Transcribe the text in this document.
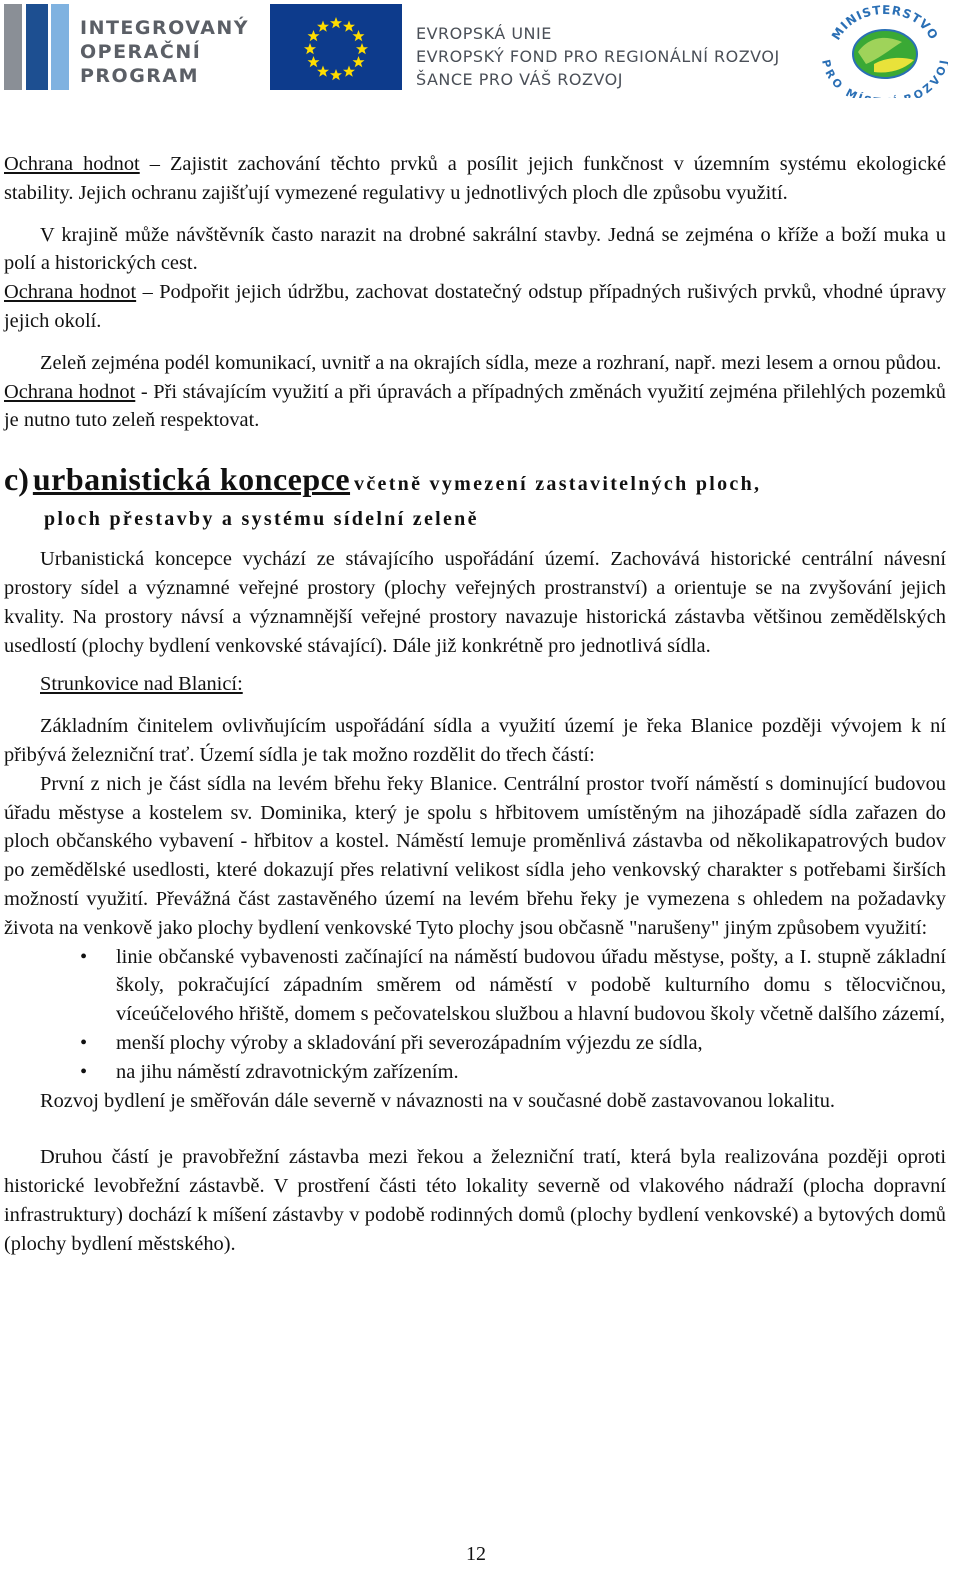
INTEGROVANÝ
OPERAČNÍ
PROGRAM
EVROPSKÁ UNIE
EVROPSKÝ FOND PRO REGIONÁLNÍ ROZVOJ
ŠANCE PRO VÁŠ ROZVOJ
MINISTERSTVO
RO M OZVO

Ochrana hodnot – Zajistit zachování těchto prvků a posílit jejich funkčnost v územním systému ekologické stability. Jejich ochranu zajišťují vymezené regulativy u jednotlivých ploch dle způsobu využití.

V krajině může návštěvník často narazit na drobné sakrální stavby. Jedná se zejména o kříže a boží muka u polí a historických cest.

Ochrana hodnot – Podpořit jejich údržbu, zachovat dostatečný odstup případných rušivých prvků, vhodné úpravy jejich okolí.

Zeleň zejména podél komunikací, uvnitř a na okrajích sídla, meze a rozhraní, např. mezi lesem a ornou půdou.

Ochrana hodnot - Při stávajícím využití a při úpravách a případných změnách využití zejména přilehlých pozemků je nutno tuto zeleň respektovat.

c) urbanistická koncepce včetně vymezení zastavitelných ploch,
ploch přestavby a systému sídelní zeleně

Urbanistická koncepce vychází ze stávajícího uspořádání území. Zachovává historické centrální návesní prostory sídel a významné veřejné prostory (plochy veřejných prostranství) a orientuje se na zvyšování jejich kvality. Na prostory návsí a významnější veřejné prostory navazuje historická zástavba většinou zemědělských usedlostí (plochy bydlení venkovské stávající). Dále již konkrétně pro jednotlivá sídla.

Strunkovice nad Blanicí:

Základním činitelem ovlivňujícím uspořádání sídla a využití území je řeka Blanice později vývojem k ní přibývá železniční trať. Území sídla je tak možno rozdělit do třech částí:

První z nich je část sídla na levém břehu řeky Blanice. Centrální prostor tvoří náměstí s dominující budovou úřadu městyse a kostelem sv. Dominika, který je spolu s hřbitovem umístěným na jihozápadě sídla zařazen do ploch občanského vybavení - hřbitov a kostel. Náměstí lemuje proměnlivá zástavba od několikapatrových budov po zemědělské usedlosti, které dokazují přes relativní velikost sídla jeho venkovský charakter s potřebami širších možností využití. Převážná část zastavěného území na levém břehu řeky je vymezena s ohledem na požadavky života na venkově jako plochy bydlení venkovské Tyto plochy jsou občasně "narušeny" jiným způsobem využití:

• linie občanské vybavenosti začínající na náměstí budovou úřadu městyse, pošty, a I. stupně základní školy, pokračující západním směrem od náměstí v podobě kulturního domu s tělocvičnou, víceúčelového hřiště, domem s pečovatelskou službou a hlavní budovou školy včetně dalšího zázemí,
• menší plochy výroby a skladování při severozápadním výjezdu ze sídla,
• na jihu náměstí zdravotnickým zařízením.

Rozvoj bydlení je směřován dále severně v návaznosti na v současné době zastavovanou lokalitu.

Druhou částí je pravobřežní zástavba mezi řekou a železniční tratí, která byla realizována později oproti historické levobřežní zástavbě. V prostření části této lokality severně od vlakového nádraží (plocha dopravní infrastruktury) dochází k míšení zástavby v podobě rodinných domů (plochy bydlení venkovské) a bytových domů (plochy bydlení městského).

12
